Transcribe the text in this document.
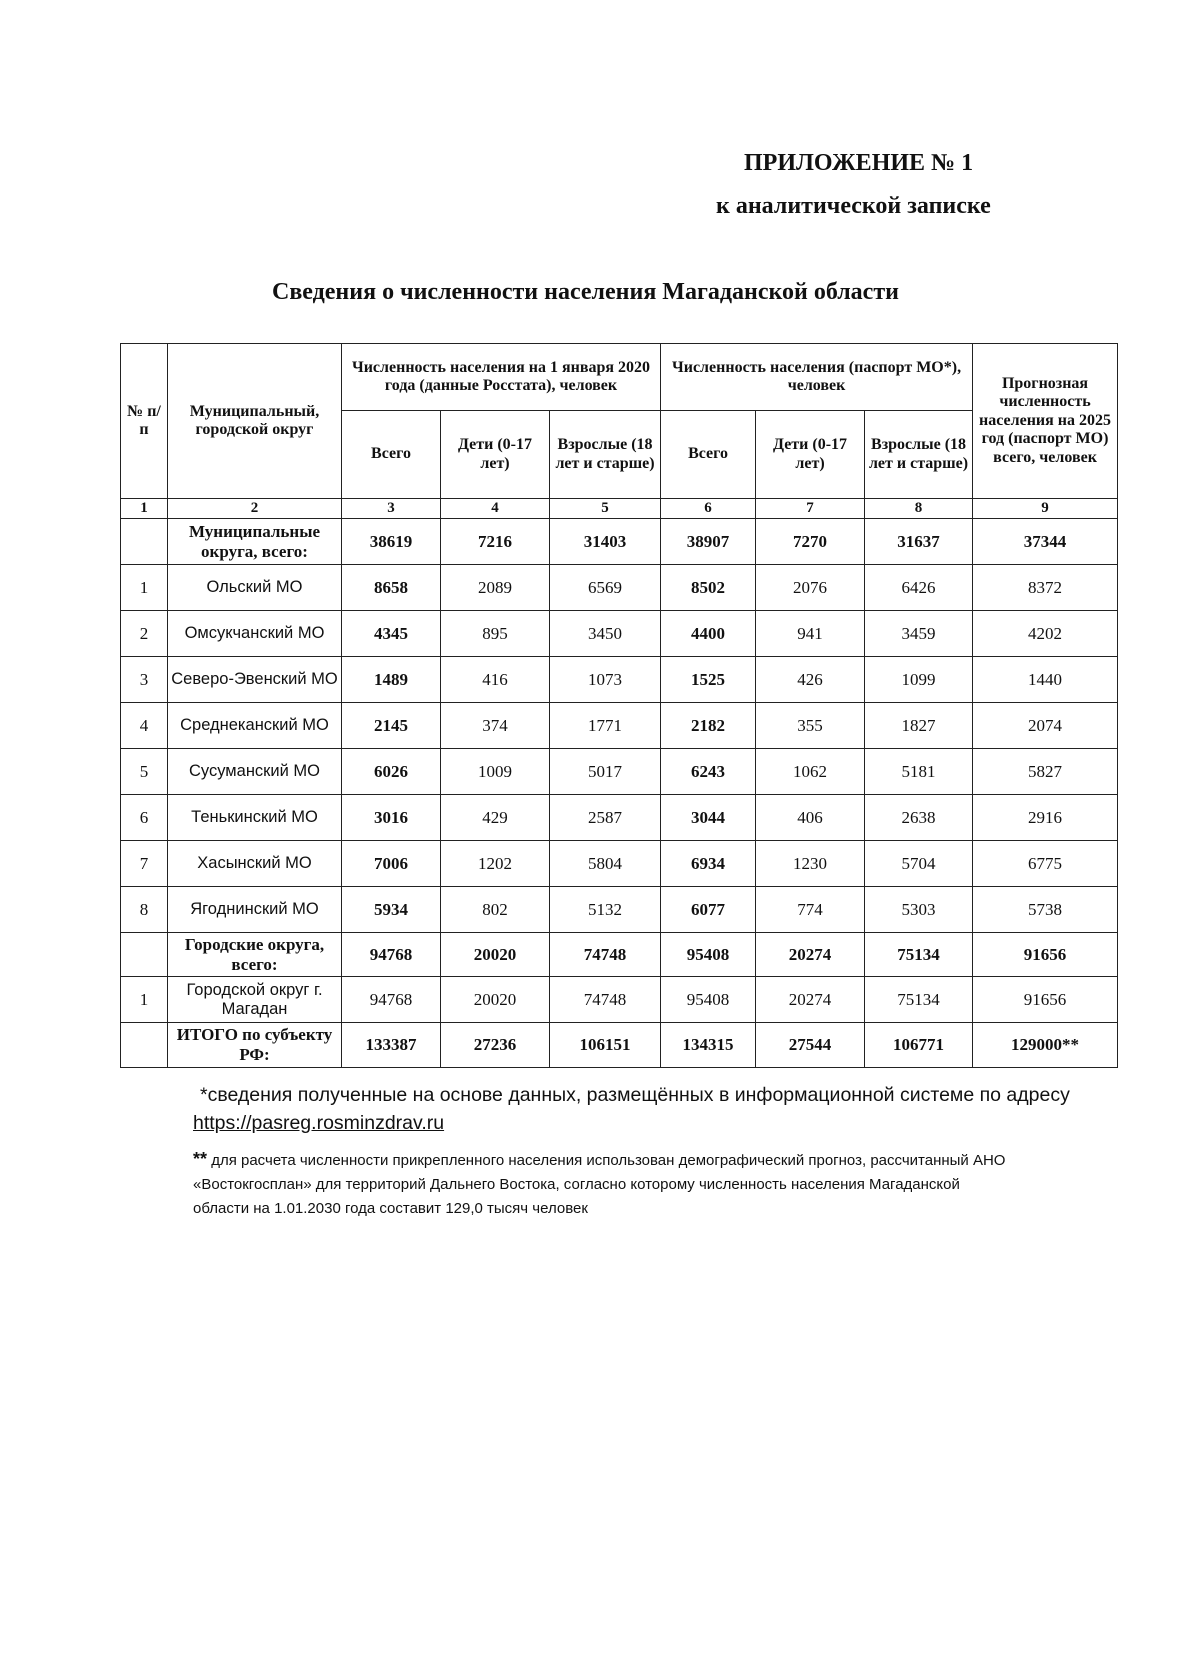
ПРИЛОЖЕНИЕ № 1
к аналитической записке
Сведения о численности населения Магаданской области
№ п/п	Муниципальный, городской округ	Численность населения на 1 января 2020 года (данные Росстата), человек			Численность населения (паспорт МО*), человек			Прогнозная численность населения на 2025 год (паспорт МО) всего, человек
		Всего	Дети (0-17 лет)	Взрослые (18 лет и старше)	Всего	Дети (0-17 лет)	Взрослые (18 лет и старше)	
1	2	3	4	5	6	7	8	9
	Муниципальные округа, всего:	38619	7216	31403	38907	7270	31637	37344
1	Ольский МО	8658	2089	6569	8502	2076	6426	8372
2	Омсукчанский МО	4345	895	3450	4400	941	3459	4202
3	Северо-Эвенский МО	1489	416	1073	1525	426	1099	1440
4	Среднеканский МО	2145	374	1771	2182	355	1827	2074
5	Сусуманский МО	6026	1009	5017	6243	1062	5181	5827
6	Тенькинский МО	3016	429	2587	3044	406	2638	2916
7	Хасынский МО	7006	1202	5804	6934	1230	5704	6775
8	Ягоднинский МО	5934	802	5132	6077	774	5303	5738
	Городские округа, всего:	94768	20020	74748	95408	20274	75134	91656
1	Городской округ г. Магадан	94768	20020	74748	95408	20274	75134	91656
	ИТОГО по субъекту РФ:	133387	27236	106151	134315	27544	106771	129000**
*сведения полученные на основе данных, размещённых в информационной системе по адресу
https://pasreg.rosminzdrav.ru
** для расчета численности прикрепленного населения использован демографический прогноз, рассчитанный АНО
«Востокгосплан» для территорий Дальнего Востока, согласно которому численность населения Магаданской области на 1.01.2030 года составит 129,0 тысяч человек
